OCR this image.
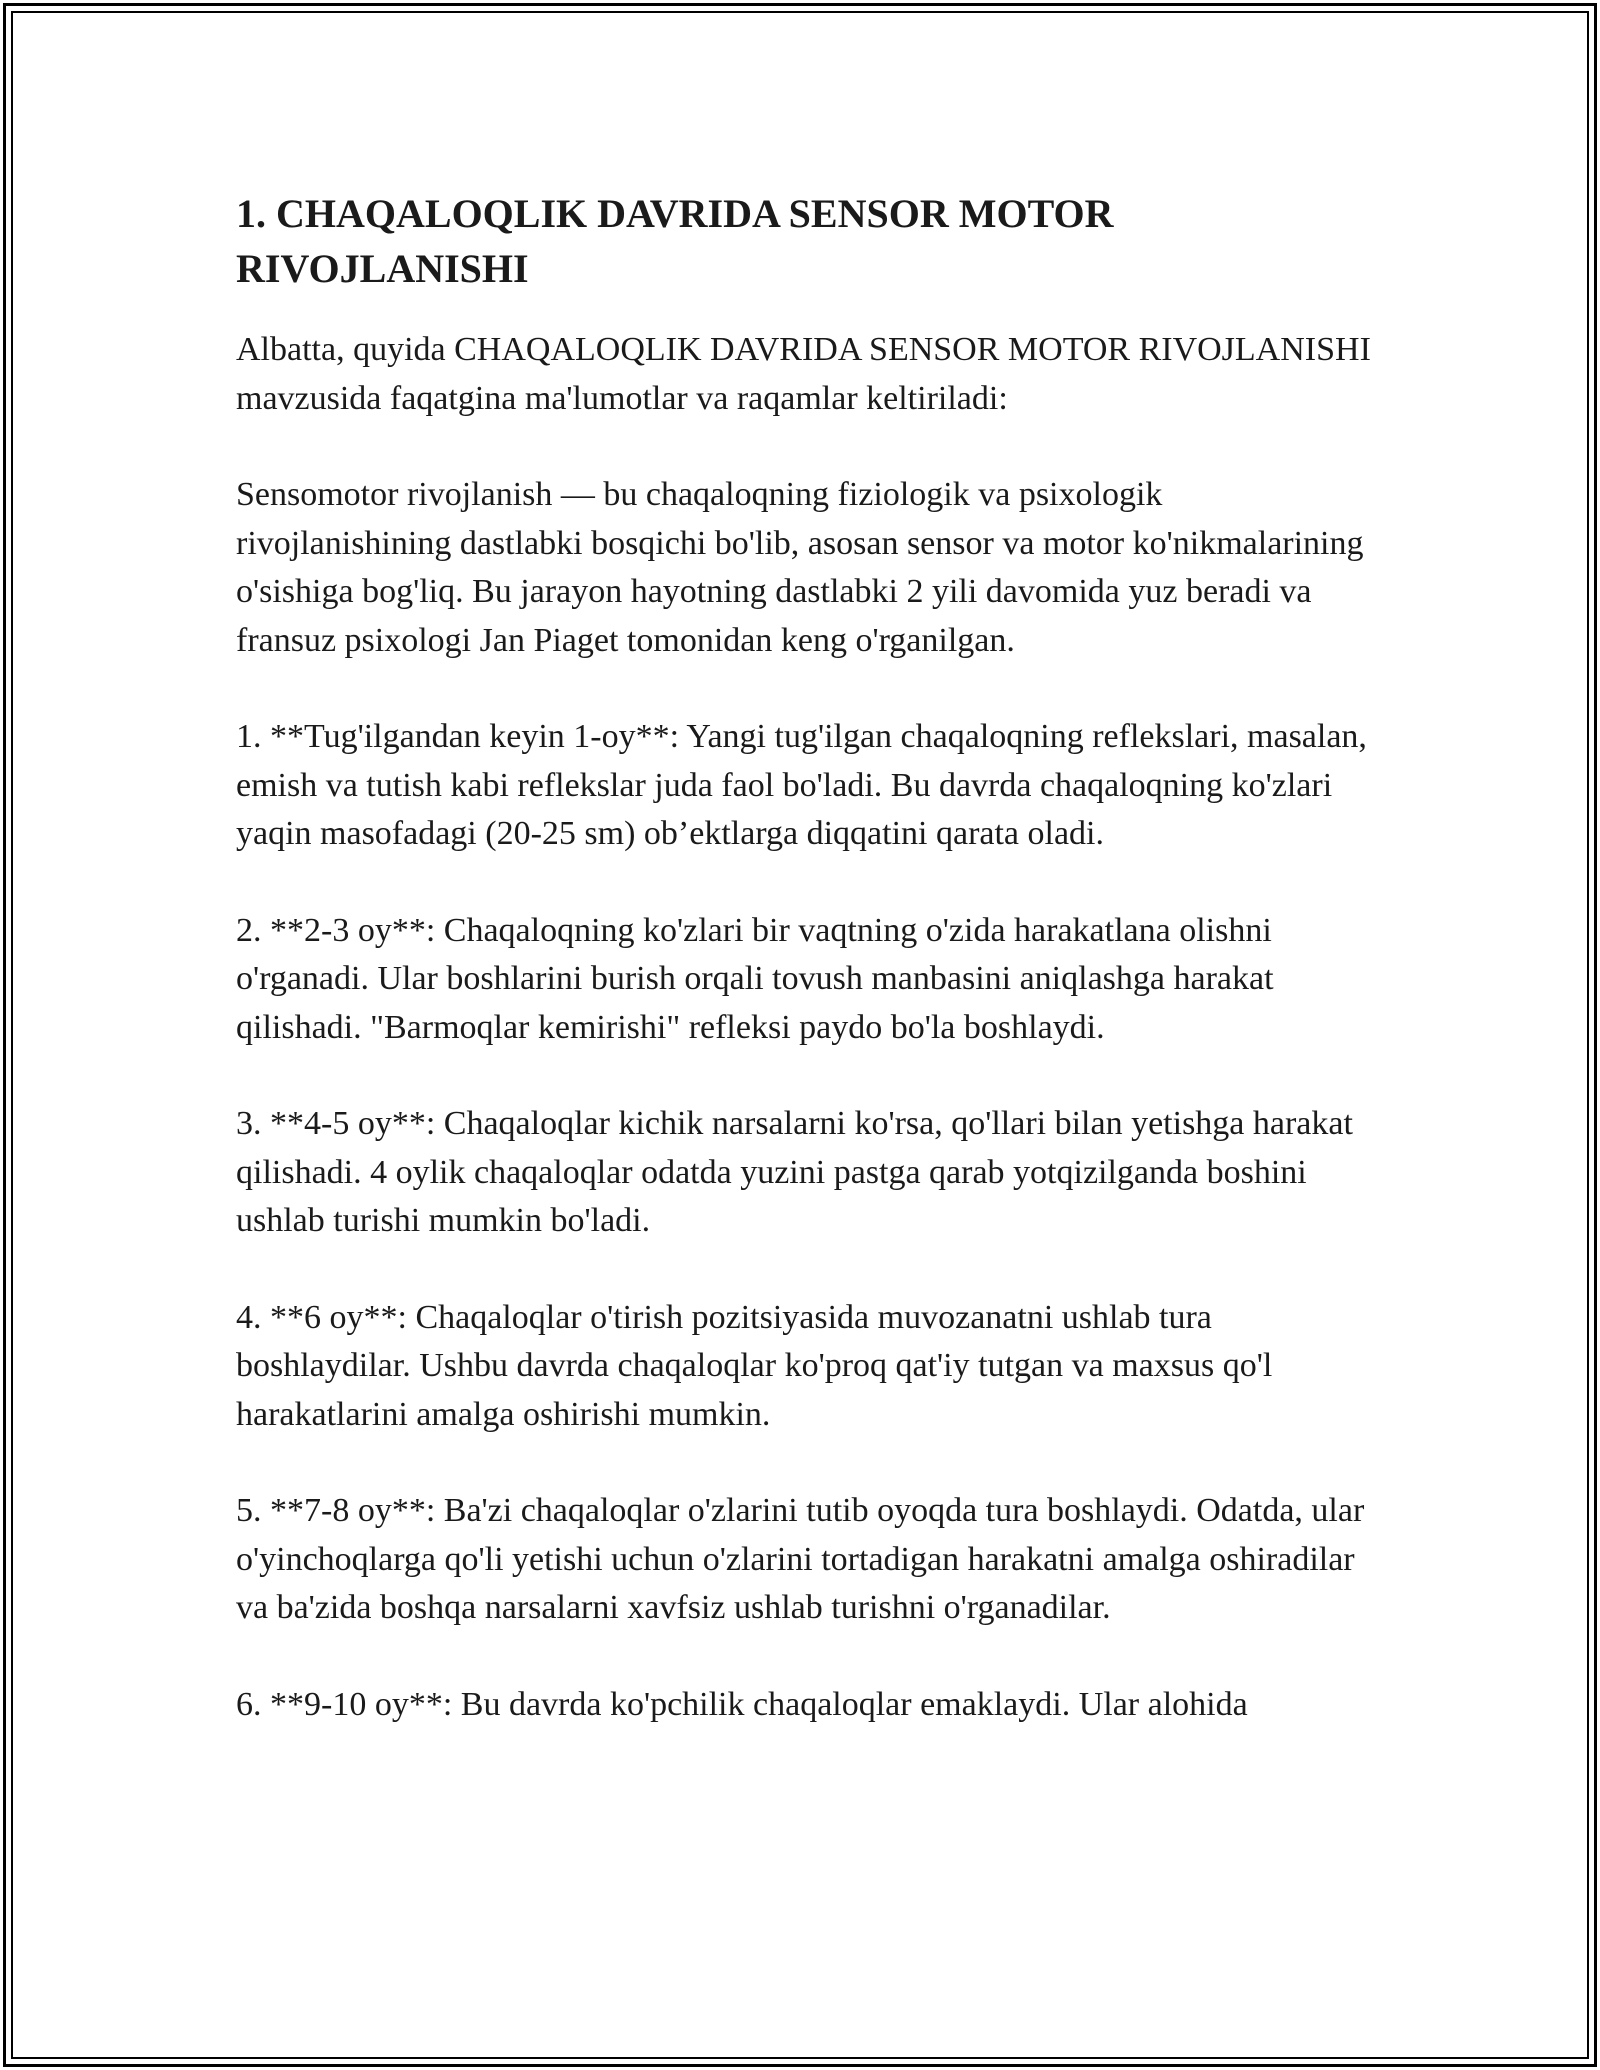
1. CHAQALOQLIK DAVRIDA SENSOR MOTOR RIVOJLANISHI

Albatta, quyida CHAQALOQLIK DAVRIDA SENSOR MOTOR RIVOJLANISHI mavzusida faqatgina ma'lumotlar va raqamlar keltiriladi:

Sensomotor rivojlanish — bu chaqaloqning fiziologik va psixologik rivojlanishining dastlabki bosqichi bo'lib, asosan sensor va motor ko'nikmalarining o'sishiga bog'liq. Bu jarayon hayotning dastlabki 2 yili davomida yuz beradi va fransuz psixologi Jan Piaget tomonidan keng o'rganilgan.

1. **Tug'ilgandan keyin 1-oy**: Yangi tug'ilgan chaqaloqning reflekslari, masalan, emish va tutish kabi reflekslar juda faol bo'ladi. Bu davrda chaqaloqning ko'zlari yaqin masofadagi (20-25 sm) ob’ektlarga diqqatini qarata oladi.

2. **2-3 oy**: Chaqaloqning ko'zlari bir vaqtning o'zida harakatlana olishni o'rganadi. Ular boshlarini burish orqali tovush manbasini aniqlashga harakat qilishadi. "Barmoqlar kemirishi" refleksi paydo bo'la boshlaydi.

3. **4-5 oy**: Chaqaloqlar kichik narsalarni ko'rsa, qo'llari bilan yetishga harakat qilishadi. 4 oylik chaqaloqlar odatda yuzini pastga qarab yotqizilganda boshini ushlab turishi mumkin bo'ladi.

4. **6 oy**: Chaqaloqlar o'tirish pozitsiyasida muvozanatni ushlab tura boshlaydilar. Ushbu davrda chaqaloqlar ko'proq qat'iy tutgan va maxsus qo'l harakatlarini amalga oshirishi mumkin.

5. **7-8 oy**: Ba'zi chaqaloqlar o'zlarini tutib oyoqda tura boshlaydi. Odatda, ular o'yinchoqlarga qo'li yetishi uchun o'zlarini tortadigan harakatni amalga oshiradilar va ba'zida boshqa narsalarni xavfsiz ushlab turishni o'rganadilar.

6. **9-10 oy**: Bu davrda ko'pchilik chaqaloqlar emaklaydi. Ular alohida
